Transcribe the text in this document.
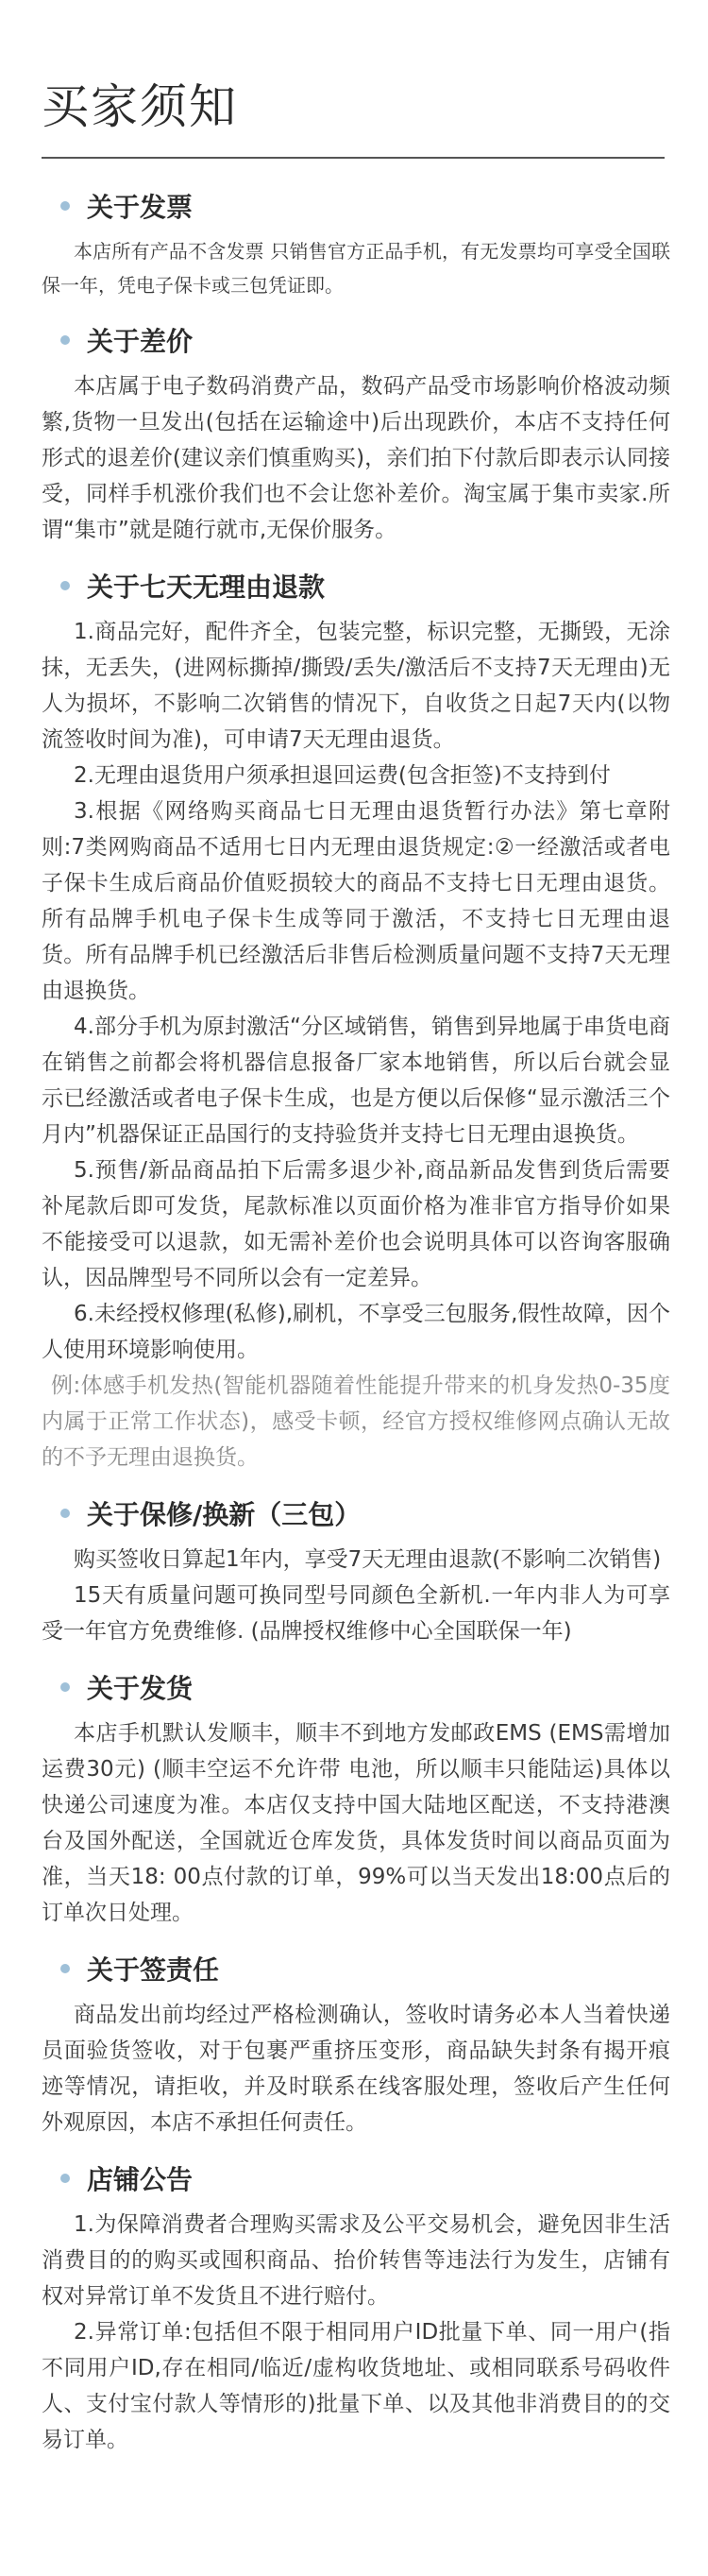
买家须知
关于发票

本店所有产品不含发票 只销售官方正品手机，有无发票均可享受全国联保一年，凭电子保卡或三包凭证即。

关于差价

本店属于电子数码消费产品，数码产品受市场影响价格波动频繁,货物一旦发出(包括在运输途中)后出现跌价，本店不支持任何形式的退差价(建议亲们慎重购买)，亲们拍下付款后即表示认同接受，同样手机涨价我们也不会让您补差价。淘宝属于集市卖家.所谓“集市”就是随行就市,无保价服务。

关于七天无理由退款

1.商品完好，配件齐全，包装完整，标识完整，无撕毁，无涂抹，无丢失，(进网标撕掉/撕毁/丢失/激活后不支持7天无理由)无人为损坏，不影响二次销售的情况下，自收货之日起7天内(以物流签收时间为准)，可申请7天无理由退货。

2.无理由退货用户须承担退回运费(包含拒签)不支持到付

3.根据《网络购买商品七日无理由退货暂行办法》第七章附则:7类网购商品不适用七日内无理由退货规定:②一经激活或者电子保卡生成后商品价值贬损较大的商品不支持七日无理由退货。所有品牌手机电子保卡生成等同于激活，不支持七日无理由退货。所有品牌手机已经激活后非售后检测质量问题不支持7天无理由退换货。

4.部分手机为原封激活“分区域销售，销售到异地属于串货电商在销售之前都会将机器信息报备厂家本地销售，所以后台就会显示已经激活或者电子保卡生成，也是方便以后保修“显示激活三个月内”机器保证正品国行的支持验货并支持七日无理由退换货。

5.预售/新品商品拍下后需多退少补,商品新品发售到货后需要补尾款后即可发货，尾款标准以页面价格为准非官方指导价如果不能接受可以退款，如无需补差价也会说明具体可以咨询客服确认，因品牌型号不同所以会有一定差异。

6.未经授权修理(私修),刷机，不享受三包服务,假性故障，因个人使用环境影响使用。

例:体感手机发热(智能机器随着性能提升带来的机身发热0-35度内属于正常工作状态)，感受卡顿，经官方授权维修网点确认无故的不予无理由退换货。

关于保修/换新（三包）

购买签收日算起1年内，享受7天无理由退款(不影响二次销售)

15天有质量问题可换同型号同颜色全新机.一年内非人为可享受一年官方免费维修. (品牌授权维修中心全国联保一年)

关于发货

本店手机默认发顺丰，顺丰不到地方发邮政EMS (EMS需增加运费30元) (顺丰空运不允许带 电池，所以顺丰只能陆运)具体以快递公司速度为准。本店仅支持中国大陆地区配送，不支持港澳台及国外配送，全国就近仓库发货，具体发货时间以商品页面为准，当天18: 00点付款的订单，99%可以当天发出18:00点后的订单次日处理。

关于签责任

商品发出前均经过严格检测确认，签收时请务必本人当着快递员面验货签收，对于包裹严重挤压变形，商品缺失封条有揭开痕迹等情况，请拒收，并及时联系在线客服处理，签收后产生任何外观原因，本店不承担任何责任。

店铺公告

1.为保障消费者合理购买需求及公平交易机会，避免因非生活消费目的的购买或囤积商品、抬价转售等违法行为发生，店铺有权对异常订单不发货且不进行赔付。

2.异常订单:包括但不限于相同用户ID批量下单、同一用户(指不同用户ID,存在相同/临近/虚构收货地址、或相同联系号码收件人、支付宝付款人等情形的)批量下单、以及其他非消费目的的交易订单。
